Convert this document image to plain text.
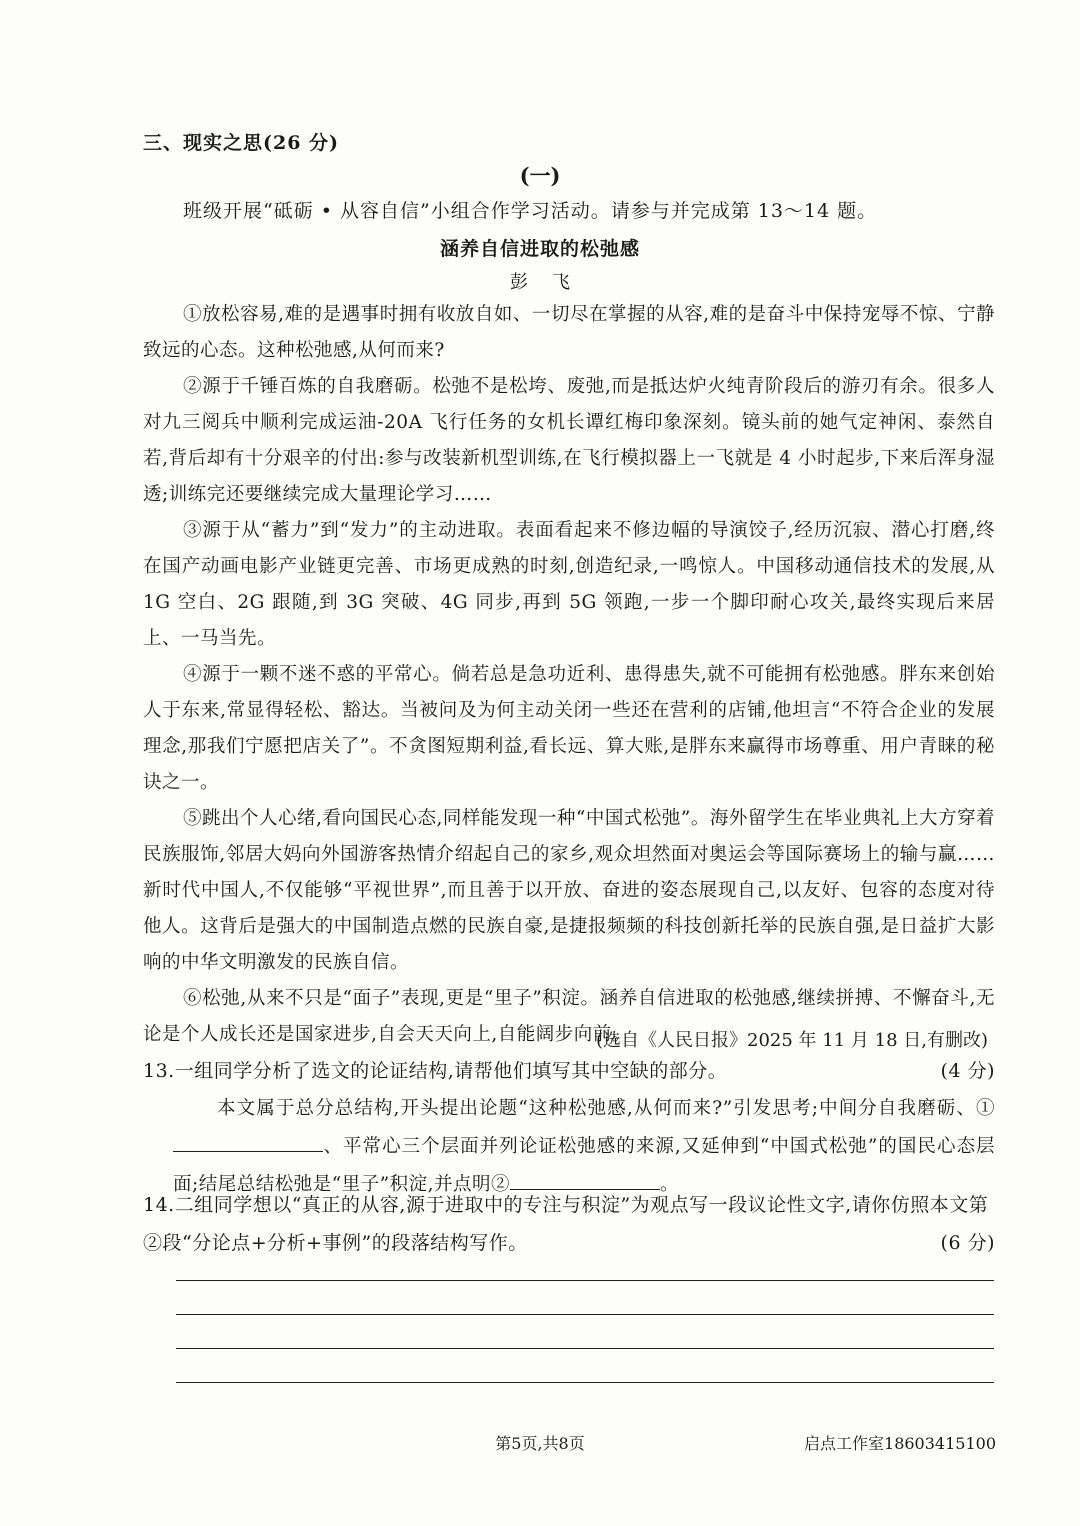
三、现实之思(26 分)
(一)
班级开展“砥砺 • 从容自信”小组合作学习活动。请参与并完成第 13～14 题。
涵养自信进取的松弛感
彭飞

①放松容易,难的是遇事时拥有收放自如、一切尽在掌握的从容,难的是奋斗中保持宠辱不惊、宁静致远的心态。这种松弛感,从何而来?

②源于千锤百炼的自我磨砺。松弛不是松垮、废弛,而是抵达炉火纯青阶段后的游刃有余。很多人对九三阅兵中顺利完成运油-20A 飞行任务的女机长谭红梅印象深刻。镜头前的她气定神闲、泰然自若,背后却有十分艰辛的付出:参与改装新机型训练,在飞行模拟器上一飞就是 4 小时起步,下来后浑身湿透;训练完还要继续完成大量理论学习……

③源于从“蓄力”到“发力”的主动进取。表面看起来不修边幅的导演饺子,经历沉寂、潜心打磨,终在国产动画电影产业链更完善、市场更成熟的时刻,创造纪录,一鸣惊人。中国移动通信技术的发展,从 1G 空白、2G 跟随,到 3G 突破、4G 同步,再到 5G 领跑,一步一个脚印耐心攻关,最终实现后来居上、一马当先。

④源于一颗不迷不惑的平常心。倘若总是急功近利、患得患失,就不可能拥有松弛感。胖东来创始人于东来,常显得轻松、豁达。当被问及为何主动关闭一些还在营利的店铺,他坦言“不符合企业的发展理念,那我们宁愿把店关了”。不贪图短期利益,看长远、算大账,是胖东来赢得市场尊重、用户青睐的秘诀之一。

⑤跳出个人心绪,看向国民心态,同样能发现一种“中国式松弛”。海外留学生在毕业典礼上大方穿着民族服饰,邻居大妈向外国游客热情介绍起自己的家乡,观众坦然面对奥运会等国际赛场上的输与赢……新时代中国人,不仅能够“平视世界”,而且善于以开放、奋进的姿态展现自己,以友好、包容的态度对待他人。这背后是强大的中国制造点燃的民族自豪,是捷报频频的科技创新托举的民族自强,是日益扩大影响的中华文明激发的民族自信。

⑥松弛,从来不只是“面子”表现,更是“里子”积淀。涵养自信进取的松弛感,继续拼搏、不懈奋斗,无论是个人成长还是国家进步,自会天天向上,自能阔步向前。

(选自《人民日报》2025 年 11 月 18 日,有删改)
13.一组同学分析了选文的论证结构,请帮他们填写其中空缺的部分。	(4 分)

本文属于总分总结构,开头提出论题“这种松弛感,从何而来?”引发思考;中间分自我磨砺、①、平常心三个层面并列论证松弛感的来源,又延伸到“中国式松弛”的国民心态层面;结尾总结松弛是“里子”积淀,并点明②	。

14.二组同学想以“真正的从容,源于进取中的专注与积淀”为观点写一段议论性文字,请你仿照本文第②段“分论点+分析+事例”的段落结构写作。	(6 分)
第5页,共8页	启点工作室18603415100
